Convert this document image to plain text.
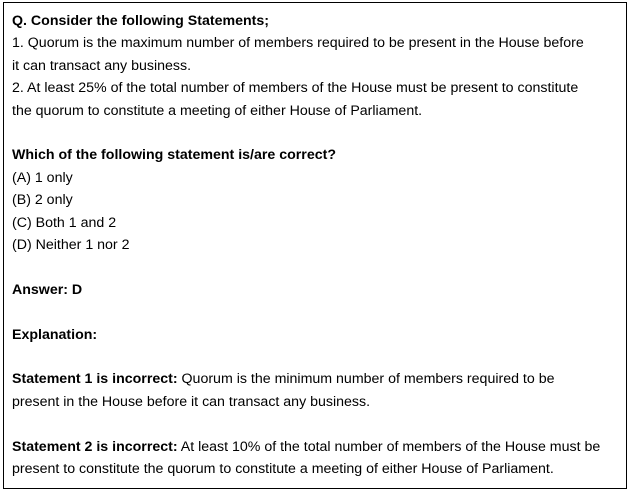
Q. Consider the following Statements;
1. Quorum is the maximum number of members required to be present in the House before
it can transact any business.
2. At least 25% of the total number of members of the House must be present to constitute
the quorum to constitute a meeting of either House of Parliament.
Which of the following statement is/are correct?
(A) 1 only
(B) 2 only
(C) Both 1 and 2
(D) Neither 1 nor 2
Answer: D
Explanation:
Statement 1 is incorrect: Quorum is the minimum number of members required to be
present in the House before it can transact any business.
Statement 2 is incorrect: At least 10% of the total number of members of the House must be
present to constitute the quorum to constitute a meeting of either House of Parliament.
